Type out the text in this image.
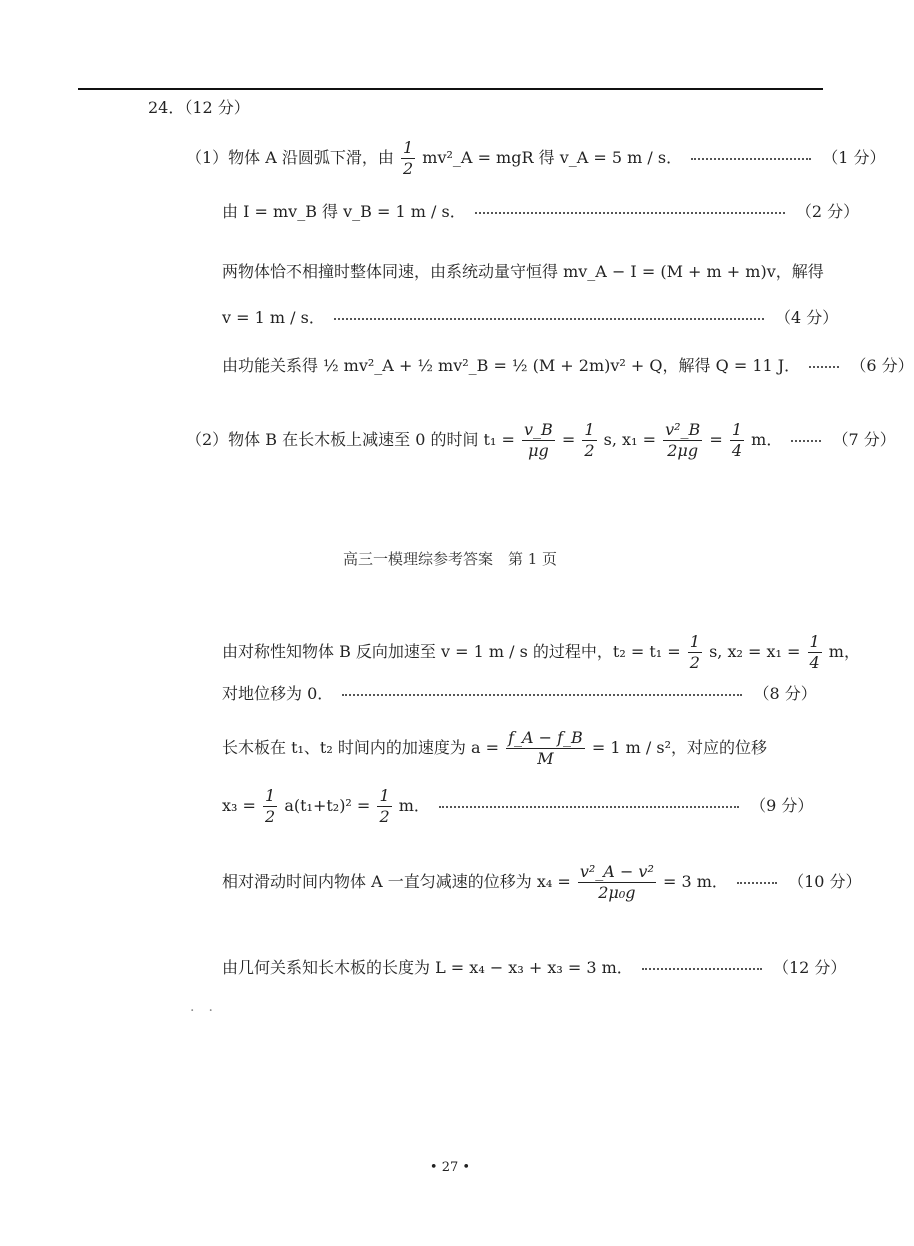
24．（12 分）
（1）物体 A 沿圆弧下滑，由 $\frac{1}{2}$ mv²_A = mgR 得 v_A = 5 m / s．	（1 分）
由 I = mv_B 得 v_B = 1 m / s．	（2 分）
两物体恰不相撞时整体同速，由系统动量守恒得 mv_A − I = (M + m + m)v，解得
v = 1 m / s．	（4 分）
由功能关系得 ½ mv²_A + ½ mv²_B = ½ (M + 2m)v² + Q，解得 Q = 11 J．	（6 分）
（2）物体 B 在长木板上减速至 0 的时间 $t_1 = \frac{v\_B}{\mu g} = \frac{1}{2} s$, $x_1 = \frac{\text{v²\_B}}{2\mu g} = \frac{1}{4}$ m．	（7 分）
高三一模理综参考答案　第 1 页
由对称性知物体 B 反向加速至 v = 1 m / s 的过程中，$t_2 = t_1 = \frac{1}{2} s$, $x_2 = x_1 = \frac{1}{4}$ m，
对地位移为 0．	（8 分）
长木板在 t₁、t₂ 时间内的加速度为 $a = \frac{f\_A - f\_B}{M} = 1$ m / s²，对应的位移
$x_3 = \frac{1}{2} a(t_1+t_2)^2 = \frac{1}{2}$ m．	（9 分）
相对滑动时间内物体 A 一直匀减速的位移为 $x_4 = \frac{\text{v²\_A − v²}}{\text{2μ₀g}} = 3$ m．	（10 分）
由几何关系知长木板的长度为 L = x₄ − x₃ + x₃ = 3 m．	（12 分）
·　·
• 27 •
